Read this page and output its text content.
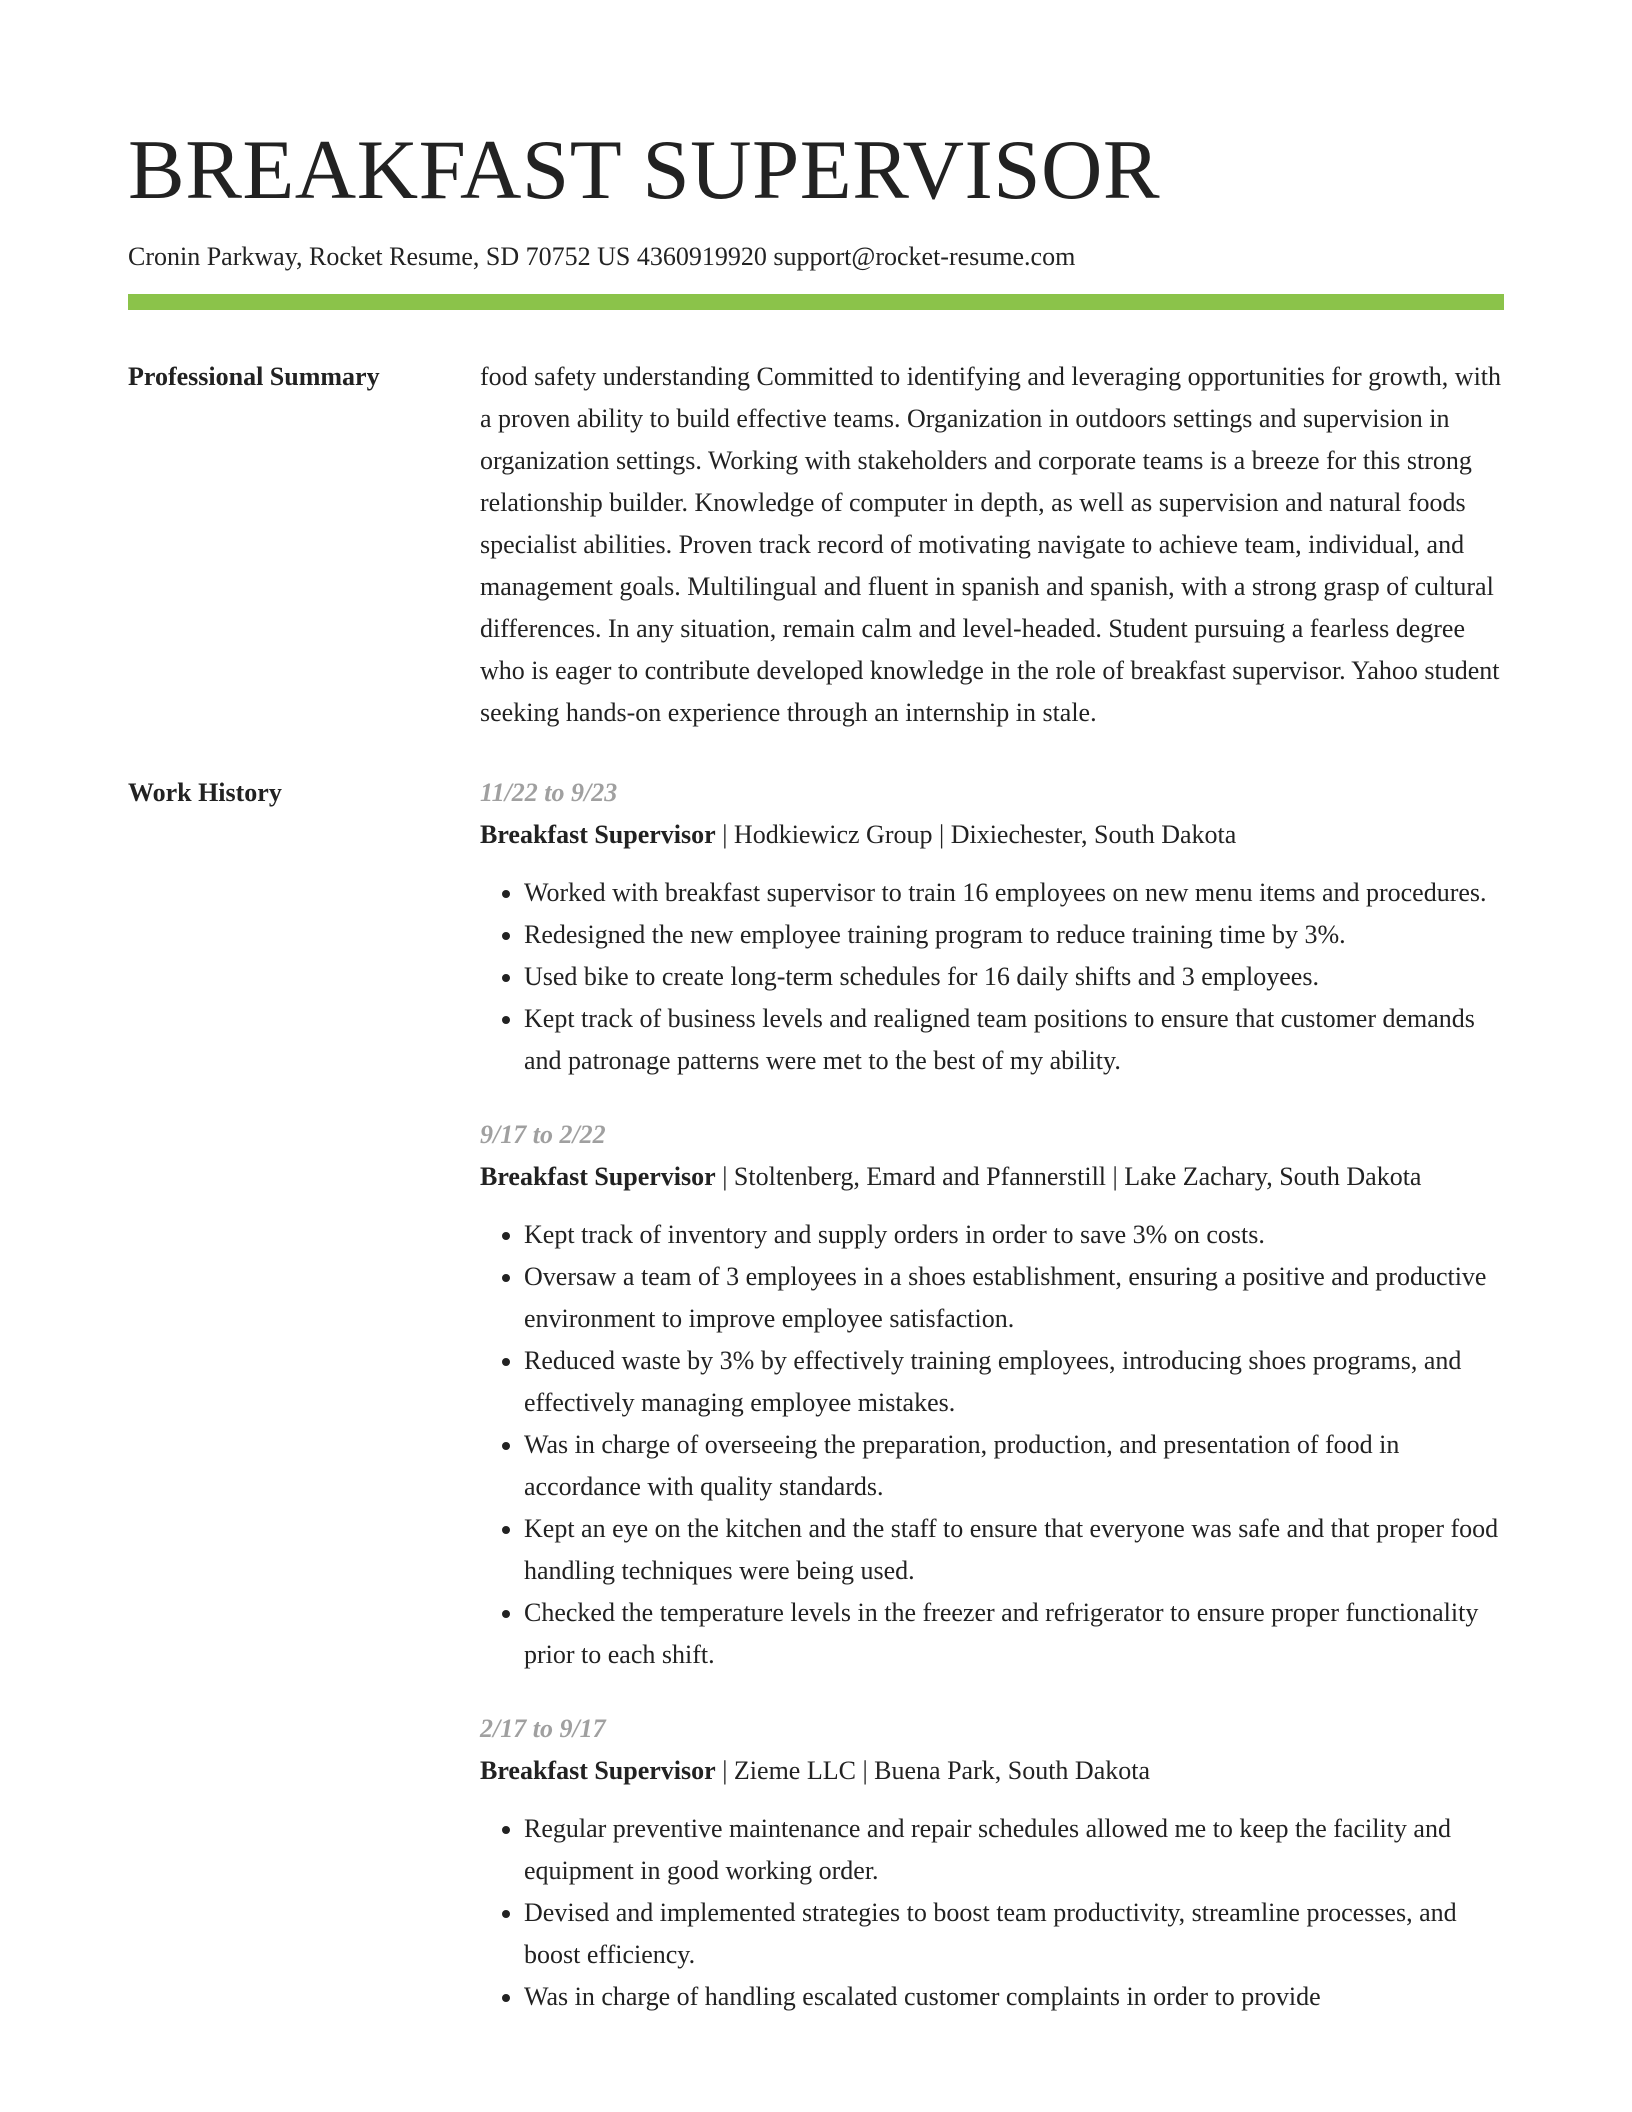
BREAKFAST SUPERVISOR
Cronin Parkway, Rocket Resume, SD 70752 US 4360919920 support@rocket-resume.com
Professional Summary	food safety understanding Committed to identifying and leveraging opportunities for growth, with a proven ability to build effective teams. Organization in outdoors settings and supervision in organization settings. Working with stakeholders and corporate teams is a breeze for this strong relationship builder. Knowledge of computer in depth, as well as supervision and natural foods specialist abilities. Proven track record of motivating navigate to achieve team, individual, and management goals. Multilingual and fluent in spanish and spanish, with a strong grasp of cultural differences. In any situation, remain calm and level-headed. Student pursuing a fearless degree who is eager to contribute developed knowledge in the role of breakfast supervisor. Yahoo student seeking hands-on experience through an internship in stale.

Work History	11/22 to 9/23
Breakfast Supervisor | Hodkiewicz Group | Dixiechester, South Dakota
• Worked with breakfast supervisor to train 16 employees on new menu items and procedures.
• Redesigned the new employee training program to reduce training time by 3%.
• Used bike to create long-term schedules for 16 daily shifts and 3 employees.
• Kept track of business levels and realigned team positions to ensure that customer demands and patronage patterns were met to the best of my ability.
9/17 to 2/22
Breakfast Supervisor | Stoltenberg, Emard and Pfannerstill | Lake Zachary, South Dakota
• Kept track of inventory and supply orders in order to save 3% on costs.
• Oversaw a team of 3 employees in a shoes establishment, ensuring a positive and productive environment to improve employee satisfaction.
• Reduced waste by 3% by effectively training employees, introducing shoes programs, and effectively managing employee mistakes.
• Was in charge of overseeing the preparation, production, and presentation of food in accordance with quality standards.
• Kept an eye on the kitchen and the staff to ensure that everyone was safe and that proper food handling techniques were being used.
• Checked the temperature levels in the freezer and refrigerator to ensure proper functionality prior to each shift.
2/17 to 9/17
Breakfast Supervisor | Zieme LLC | Buena Park, South Dakota
• Regular preventive maintenance and repair schedules allowed me to keep the facility and equipment in good working order.
• Devised and implemented strategies to boost team productivity, streamline processes, and boost efficiency.
• Was in charge of handling escalated customer complaints in order to provide
